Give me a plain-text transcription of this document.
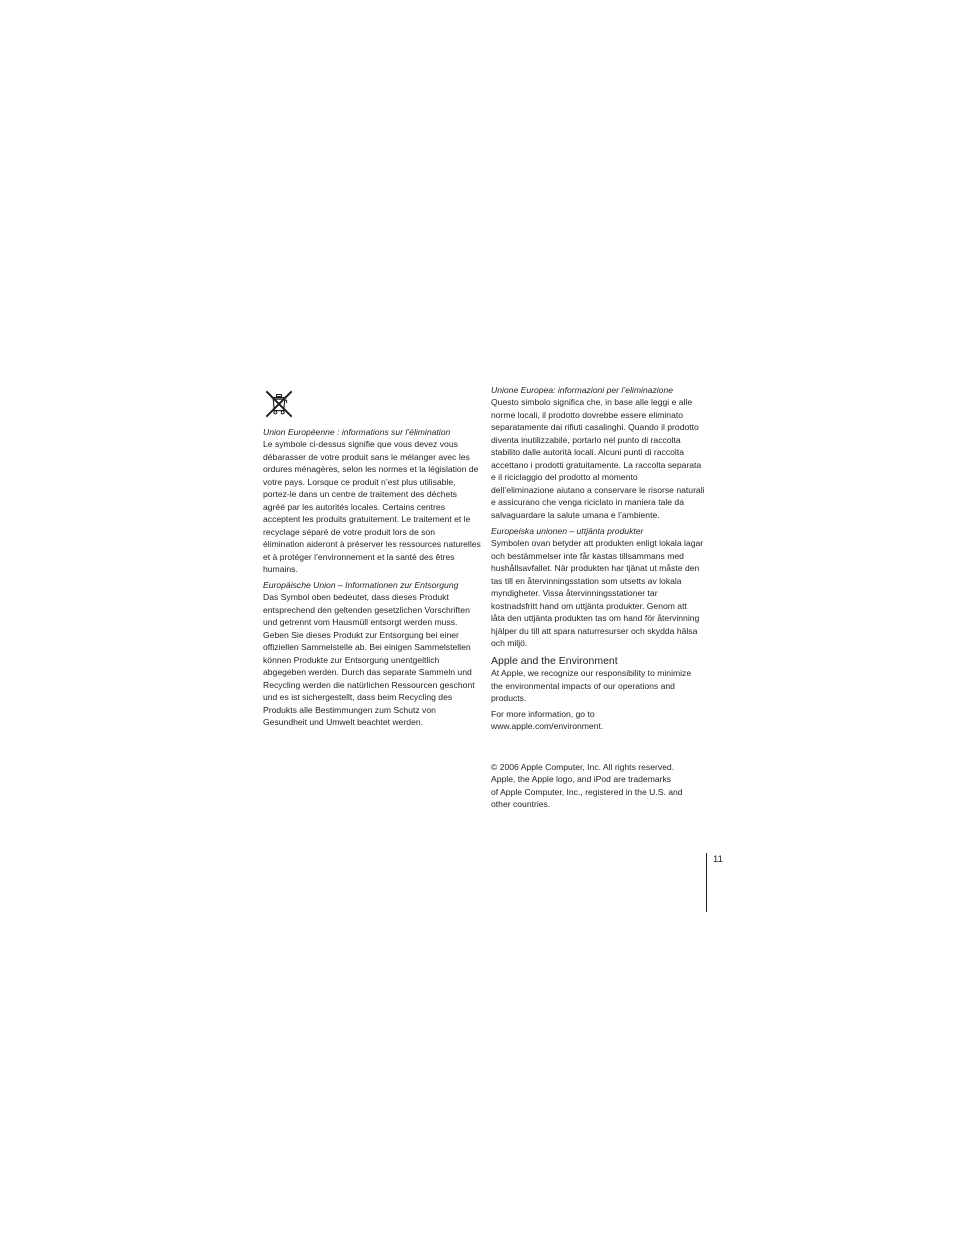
Union Européenne : informations sur l’élimination
Le symbole ci-dessus signifie que vous devez vous
débarasser de votre produit sans le mélanger avec les
ordures ménagères, selon les normes et la législation de
votre pays. Lorsque ce produit n’est plus utilisable,
portez-le dans un centre de traitement des déchets
agréé par les autorités locales. Certains centres
acceptent les produits gratuitement. Le traitement et le
recyclage séparé de votre produit lors de son
élimination aideront à préserver les ressources naturelles
et à protéger l’environnement et la santé des êtres
humains.
Europäische Union – Informationen zur Entsorgung
Das Symbol oben bedeutet, dass dieses Produkt
entsprechend den geltenden gesetzlichen Vorschriften
und getrennt vom Hausmüll entsorgt werden muss.
Geben Sie dieses Produkt zur Entsorgung bei einer
offiziellen Sammelstelle ab. Bei einigen Sammelstellen
können Produkte zur Entsorgung unentgeltlich
abgegeben werden. Durch das separate Sammeln und
Recycling werden die natürlichen Ressourcen geschont
und es ist sichergestellt, dass beim Recycling des
Produkts alle Bestimmungen zum Schutz von
Gesundheit und Umwelt beachtet werden.
Unione Europea: informazioni per l’eliminazione
Questo simbolo significa che, in base alle leggi e alle
norme locali, il prodotto dovrebbe essere eliminato
separatamente dai rifiuti casalinghi. Quando il prodotto
diventa inutilizzabile, portarlo nel punto di raccolta
stabilito dalle autorità locali. Alcuni punti di raccolta
accettano i prodotti gratuitamente. La raccolta separata
e il riciclaggio del prodotto al momento
dell’eliminazione aiutano a conservare le risorse naturali
e assicurano che venga riciclato in maniera tale da
salvaguardare la salute umana e l’ambiente.
Europeiska unionen – uttjänta produkter
Symbolen ovan betyder att produkten enligt lokala lagar
och bestämmelser inte får kastas tillsammans med
hushållsavfallet. När produkten har tjänat ut måste den
tas till en återvinningsstation som utsetts av lokala
myndigheter. Vissa återvinningsstationer tar
kostnadsfritt hand om uttjänta produkter. Genom att
låta den uttjänta produkten tas om hand för återvinning
hjälper du till att spara naturresurser och skydda hälsa
och miljö.
Apple and the Environment
At Apple, we recognize our responsibility to minimize
the environmental impacts of our operations and
products.
For more information, go to
www.apple.com/environment.
© 2006 Apple Computer, Inc. All rights reserved.
Apple, the Apple logo, and iPod are trademarks
of Apple Computer, Inc., registered in the U.S. and
other countries.
11
